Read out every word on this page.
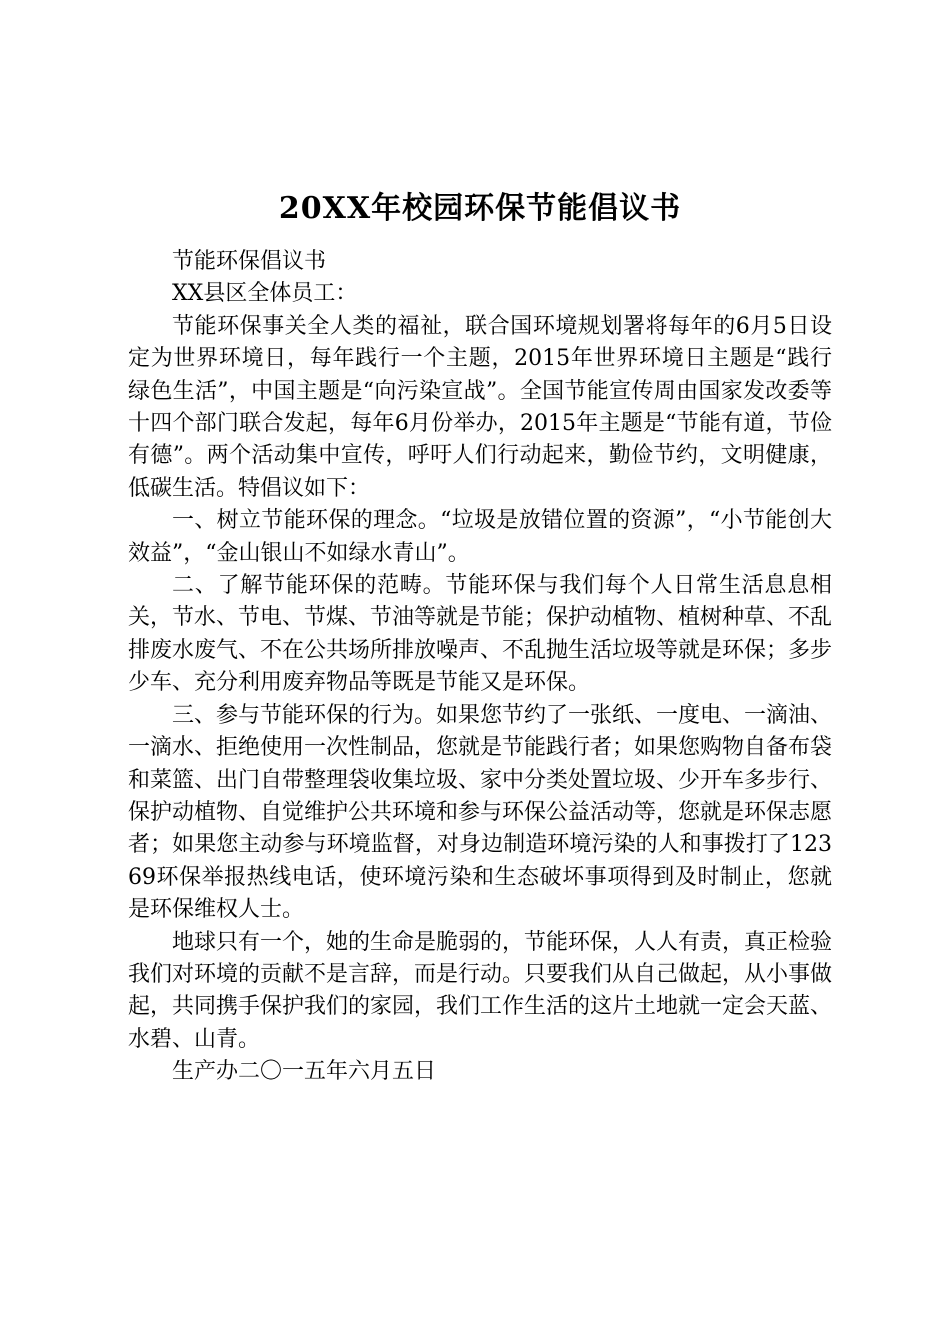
20XX年校园环保节能倡议书

节能环保倡议书

XX县区全体员工：

节能环保事关全人类的福祉，联合国环境规划署将每年的6月5日设定为世界环境日，每年践行一个主题，2015年世界环境日主题是“践行绿色生活”，中国主题是“向污染宣战”。全国节能宣传周由国家发改委等十四个部门联合发起，每年6月份举办，2015年主题是“节能有道，节俭有德”。两个活动集中宣传，呼吁人们行动起来，勤俭节约，文明健康，低碳生活。特倡议如下：

一、树立节能环保的理念。“垃圾是放错位置的资源”，“小节能创大效益”，“金山银山不如绿水青山”。

二、了解节能环保的范畴。节能环保与我们每个人日常生活息息相关，节水、节电、节煤、节油等就是节能；保护动植物、植树种草、不乱排废水废气、不在公共场所排放噪声、不乱抛生活垃圾等就是环保；多步少车、充分利用废弃物品等既是节能又是环保。

三、参与节能环保的行为。如果您节约了一张纸、一度电、一滴油、一滴水、拒绝使用一次性制品，您就是节能践行者；如果您购物自备布袋和菜篮、出门自带整理袋收集垃圾、家中分类处置垃圾、少开车多步行、保护动植物、自觉维护公共环境和参与环保公益活动等，您就是环保志愿者；如果您主动参与环境监督，对身边制造环境污染的人和事拨打了12369环保举报热线电话，使环境污染和生态破坏事项得到及时制止，您就是环保维权人士。

地球只有一个，她的生命是脆弱的，节能环保，人人有责，真正检验我们对环境的贡献不是言辞，而是行动。只要我们从自己做起，从小事做起，共同携手保护我们的家园，我们工作生活的这片土地就一定会天蓝、水碧、山青。

生产办二〇一五年六月五日
